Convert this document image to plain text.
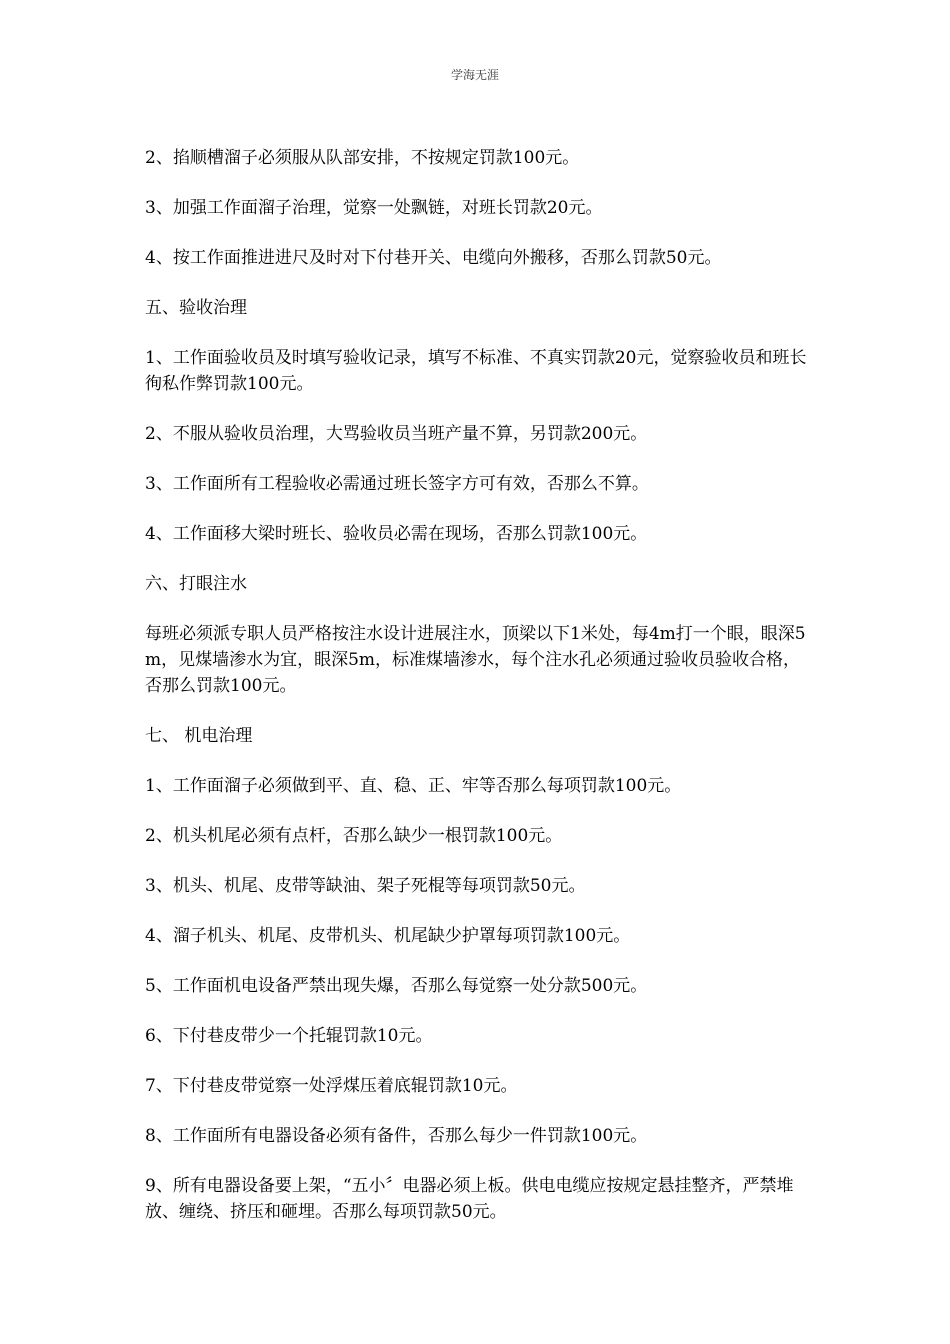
学海无涯

2、掐顺槽溜子必须服从队部安排，不按规定罚款100元。

3、加强工作面溜子治理，觉察一处飘链，对班长罚款20元。

4、按工作面推进进尺及时对下付巷开关、电缆向外搬移，否那么罚款50元。

五、验收治理

1、工作面验收员及时填写验收记录，填写不标准、不真实罚款20元，觉察验收员和班长徇私作弊罚款100元。

2、不服从验收员治理，大骂验收员当班产量不算，另罚款200元。

3、工作面所有工程验收必需通过班长签字方可有效，否那么不算。

4、工作面移大梁时班长、验收员必需在现场，否那么罚款100元。

六、打眼注水

每班必须派专职人员严格按注水设计进展注水，顶梁以下1米处，每4m打一个眼，眼深5m，见煤墙渗水为宜，眼深5m，标准煤墙渗水，每个注水孔必须通过验收员验收合格，否那么罚款100元。

七、 机电治理

1、工作面溜子必须做到平、直、稳、正、牢等否那么每项罚款100元。

2、机头机尾必须有点杆，否那么缺少一根罚款100元。

3、机头、机尾、皮带等缺油、架子死棍等每项罚款50元。

4、溜子机头、机尾、皮带机头、机尾缺少护罩每项罚款100元。

5、工作面机电设备严禁出现失爆，否那么每觉察一处分款500元。

6、下付巷皮带少一个托辊罚款10元。

7、下付巷皮带觉察一处浮煤压着底辊罚款10元。

8、工作面所有电器设备必须有备件，否那么每少一件罚款100元。

9、所有电器设备要上架，“五小〞电器必须上板。供电电缆应按规定悬挂整齐，严禁堆放、缠绕、挤压和砸埋。否那么每项罚款50元。
